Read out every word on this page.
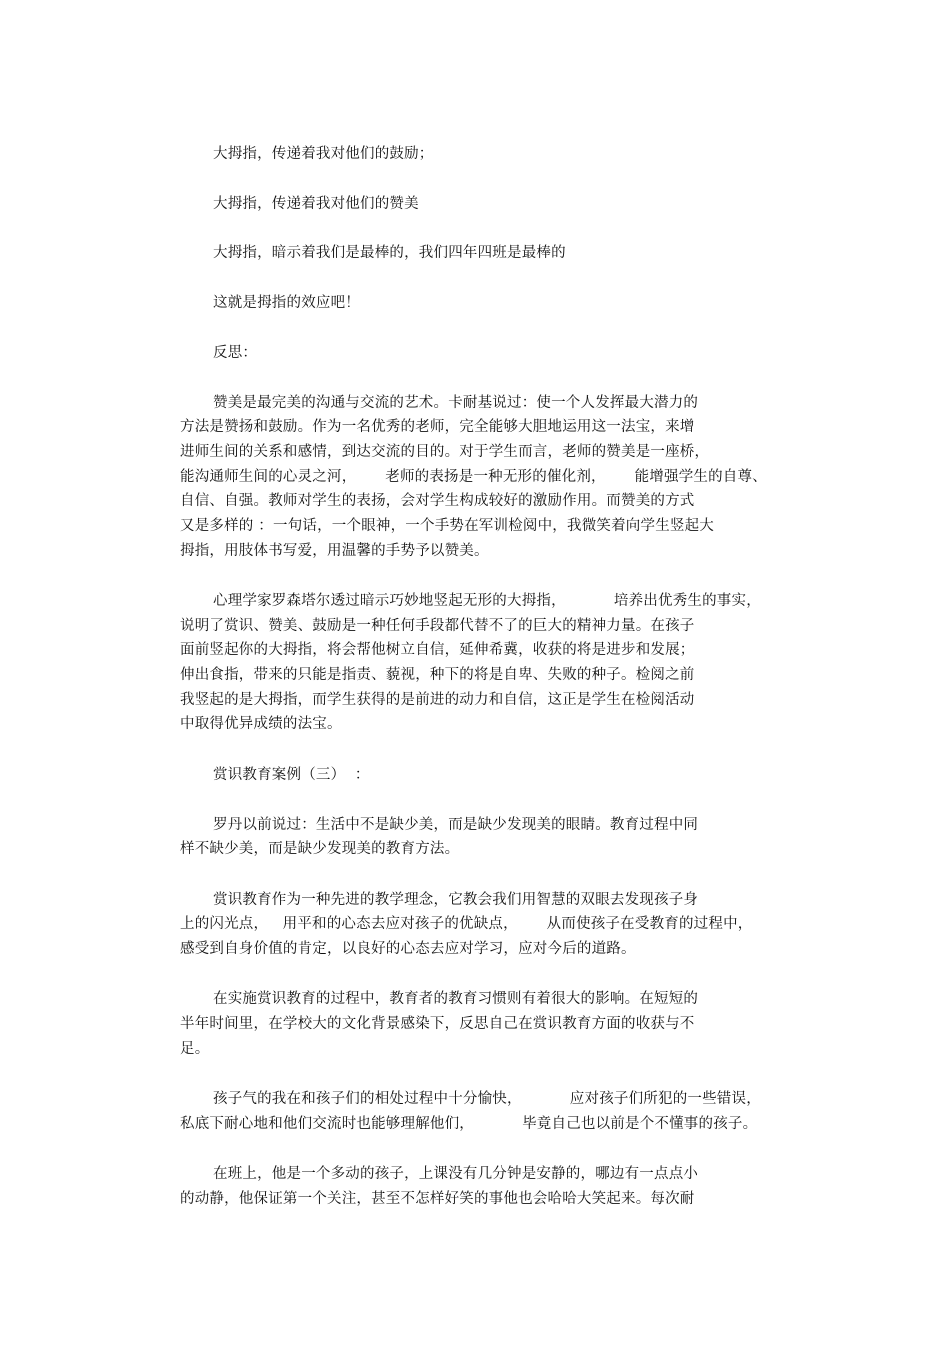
大拇指，传递着我对他们的鼓励；

大拇指，传递着我对他们的赞美

大拇指，暗示着我们是最棒的，我们四年四班是最棒的

这就是拇指的效应吧！

反思：

赞美是最完美的沟通与交流的艺术。卡耐基说过：使一个人发挥最大潜力的

方法是赞扬和鼓励。作为一名优秀的老师，完全能够大胆地运用这一法宝，来增

进师生间的关系和感情，到达交流的目的。对于学生而言，老师的赞美是一座桥，

能沟通师生间的心灵之河，      老师的表扬是一种无形的催化剂，      能增强学生的自尊、

自信、自强。教师对学生的表扬，会对学生构成较好的激励作用。而赞美的方式

又是多样的 ：一句话，一个眼神，一个手势在军训检阅中，我微笑着向学生竖起大

拇指，用肢体书写爱，用温馨的手势予以赞美。

心理学家罗森塔尔透过暗示巧妙地竖起无形的大拇指，          培养出优秀生的事实，

说明了赏识、赞美、鼓励是一种任何手段都代替不了的巨大的精神力量。在孩子

面前竖起你的大拇指，将会帮他树立自信，延伸希冀，收获的将是进步和发展；

伸出食指，带来的只能是指责、藐视，种下的将是自卑、失败的种子。检阅之前

我竖起的是大拇指，而学生获得的是前进的动力和自信，这正是学生在检阅活动

中取得优异成绩的法宝。

赏识教育案例（三）  ：

罗丹以前说过：生活中不是缺少美，而是缺少发现美的眼睛。教育过程中同

样不缺少美，而是缺少发现美的教育方法。

赏识教育作为一种先进的教学理念，它教会我们用智慧的双眼去发现孩子身

上的闪光点，   用平和的心态去应对孩子的优缺点，      从而使孩子在受教育的过程中，

感受到自身价值的肯定，以良好的心态去应对学习，应对今后的道路。

在实施赏识教育的过程中，教育者的教育习惯则有着很大的影响。在短短的

半年时间里，在学校大的文化背景感染下，反思自己在赏识教育方面的收获与不

足。

孩子气的我在和孩子们的相处过程中十分愉快，          应对孩子们所犯的一些错误，

私底下耐心地和他们交流时也能够理解他们，          毕竟自己也以前是个不懂事的孩子。

在班上，他是一个多动的孩子，上课没有几分钟是安静的，哪边有一点点小

的动静，他保证第一个关注，甚至不怎样好笑的事他也会哈哈大笑起来。每次耐
